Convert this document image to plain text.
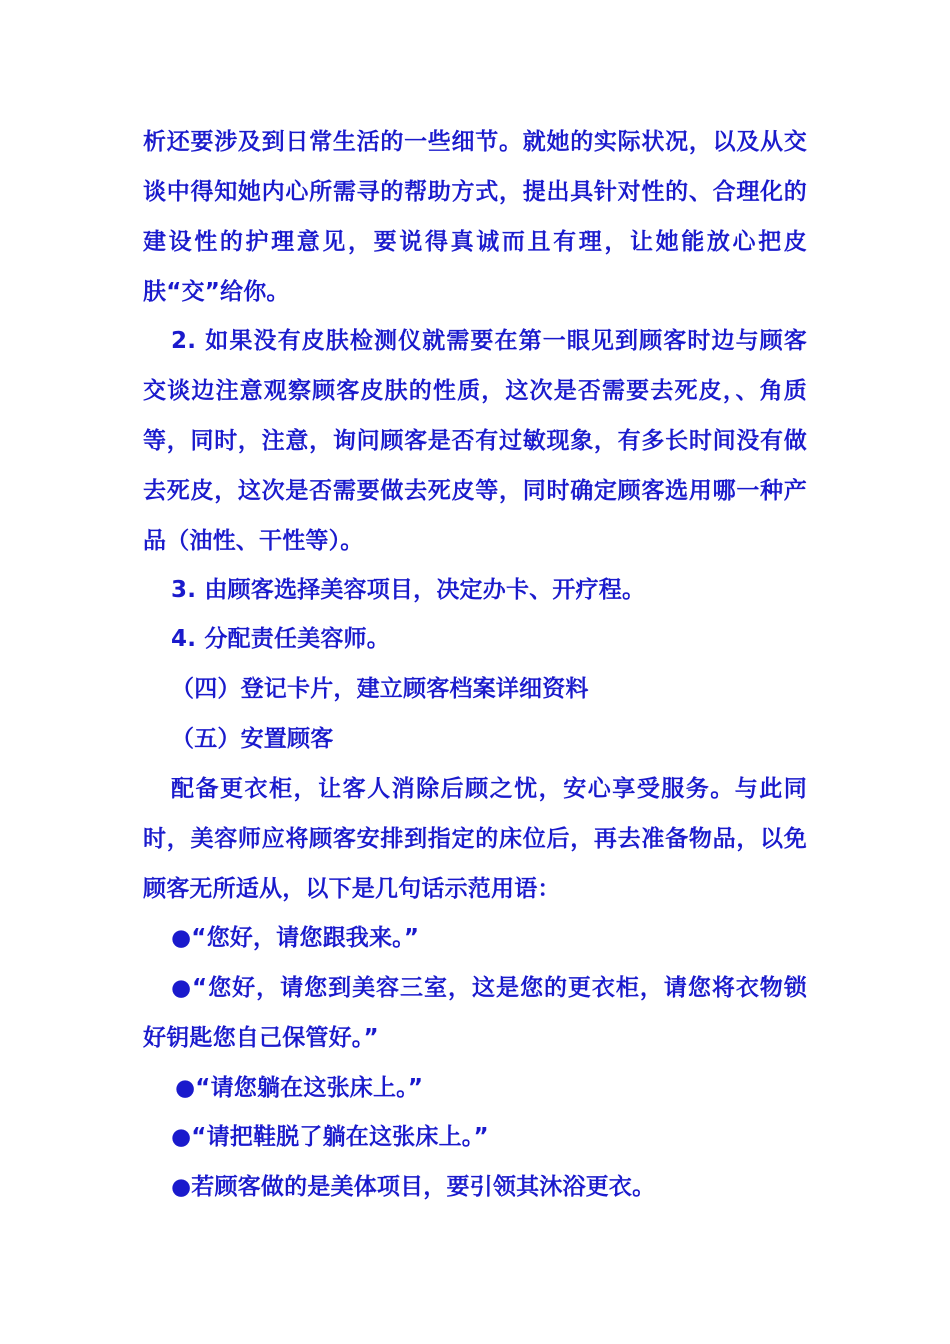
析还要涉及到日常生活的一些细节。就她的实际状况，以及从交谈中得知她内心所需寻的帮助方式，提出具针对性的、合理化的建设性的护理意见，要说得真诚而且有理，让她能放心把皮肤“交”给你。

2. 如果没有皮肤检测仪就需要在第一眼见到顾客时边与顾客交谈边注意观察顾客皮肤的性质，这次是否需要去死皮，、角质等，同时，注意，询问顾客是否有过敏现象，有多长时间没有做去死皮，这次是否需要做去死皮等，同时确定顾客选用哪一种产品（油性、干性等）。

3. 由顾客选择美容项目，决定办卡、开疗程。

4. 分配责任美容师。

（四）登记卡片，建立顾客档案详细资料

（五）安置顾客

配备更衣柜，让客人消除后顾之忧，安心享受服务。与此同时，美容师应将顾客安排到指定的床位后，再去准备物品，以免顾客无所适从，以下是几句话示范用语：

●“您好，请您跟我来。”

●“您好，请您到美容三室，这是您的更衣柜，请您将衣物锁好钥匙您自己保管好。”

●“请您躺在这张床上。”

●“请把鞋脱了躺在这张床上。”

●若顾客做的是美体项目，要引领其沐浴更衣。
